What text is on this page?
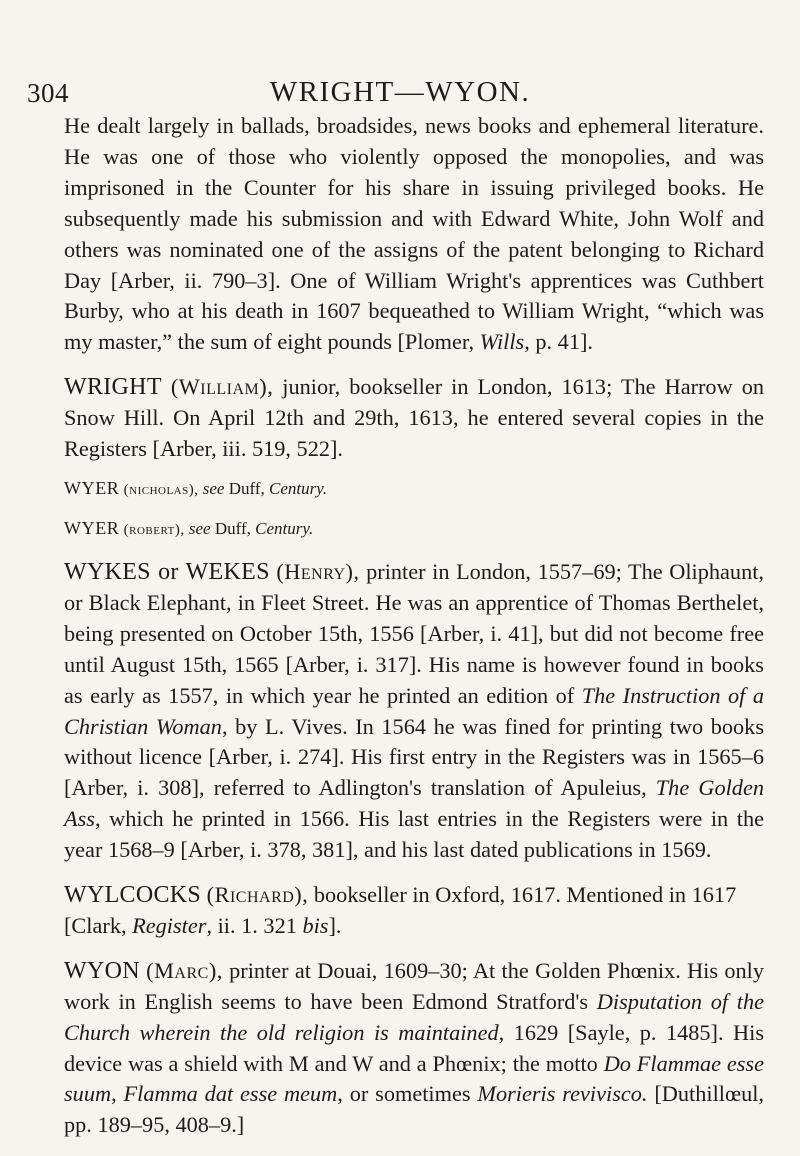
304	WRIGHT—WYON.

He dealt largely in ballads, broadsides, news books and ephemeral literature. He was one of those who violently opposed the monopolies, and was imprisoned in the Counter for his share in issuing privileged books. He subsequently made his submission and with Edward White, John Wolf and others was nominated one of the assigns of the patent belonging to Richard Day [Arber, ii. 790–3]. One of William Wright's apprentices was Cuthbert Burby, who at his death in 1607 bequeathed to William Wright, “which was my master,” the sum of eight pounds [Plomer, Wills, p. 41].

WRIGHT (William), junior, bookseller in London, 1613; The Harrow on Snow Hill. On April 12th and 29th, 1613, he entered several copies in the Registers [Arber, iii. 519, 522].

WYER (nicholas), see Duff, Century.

WYER (robert), see Duff, Century.

WYKES or WEKES (Henry), printer in London, 1557–69; The Oliphaunt, or Black Elephant, in Fleet Street. He was an apprentice of Thomas Berthelet, being presented on October 15th, 1556 [Arber, i. 41], but did not become free until August 15th, 1565 [Arber, i. 317]. His name is however found in books as early as 1557, in which year he printed an edition of The Instruction of a Christian Woman, by L. Vives. In 1564 he was fined for printing two books without licence [Arber, i. 274]. His first entry in the Registers was in 1565–6 [Arber, i. 308], referred to Adlington's translation of Apuleius, The Golden Ass, which he printed in 1566. His last entries in the Registers were in the year 1568–9 [Arber, i. 378, 381], and his last dated publications in 1569.

WYLCOCKS (Richard), bookseller in Oxford, 1617. Mentioned in 1617 [Clark, Register, ii. 1. 321 bis].

WYON (Marc), printer at Douai, 1609–30; At the Golden Phœnix. His only work in English seems to have been Edmond Stratford's Disputation of the Church wherein the old religion is maintained, 1629 [Sayle, p. 1485]. His device was a shield with M and W and a Phœnix; the motto Do Flammae esse suum, Flamma dat esse meum, or sometimes Morieris revivisco. [Duthillœul, pp. 189–95, 408–9.]
